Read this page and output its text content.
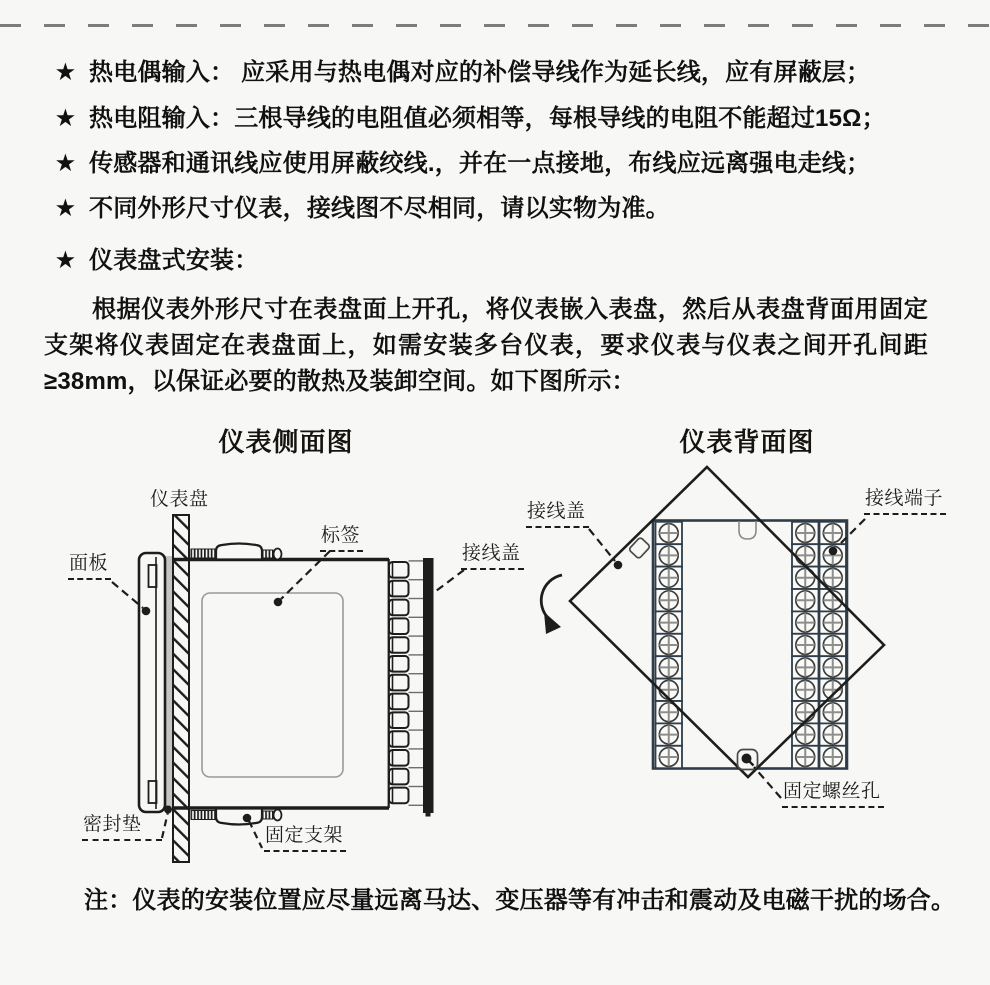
★ 热电偶输入： 应采用与热电偶对应的补偿导线作为延长线，应有屏蔽层；
★ 热电阻输入：三根导线的电阻值必须相等，每根导线的电阻不能超过15Ω；
★ 传感器和通讯线应使用屏蔽绞线.，并在一点接地，布线应远离强电走线；
★ 不同外形尺寸仪表，接线图不尽相同，请以实物为准。
★ 仪表盘式安装：

根据仪表外形尺寸在表盘面上开孔，将仪表嵌入表盘，然后从表盘背面用固定支架将仪表固定在表盘面上，如需安装多台仪表，要求仪表与仪表之间开孔间距≥38mm，以保证必要的散热及装卸空间。如下图所示：

仪表侧面图	仪表背面图
仪表盘
面板
标签
接线盖
密封垫
固定支架
接线盖
接线端子
固定螺丝孔

注：仪表的安装位置应尽量远离马达、变压器等有冲击和震动及电磁干扰的场合。
